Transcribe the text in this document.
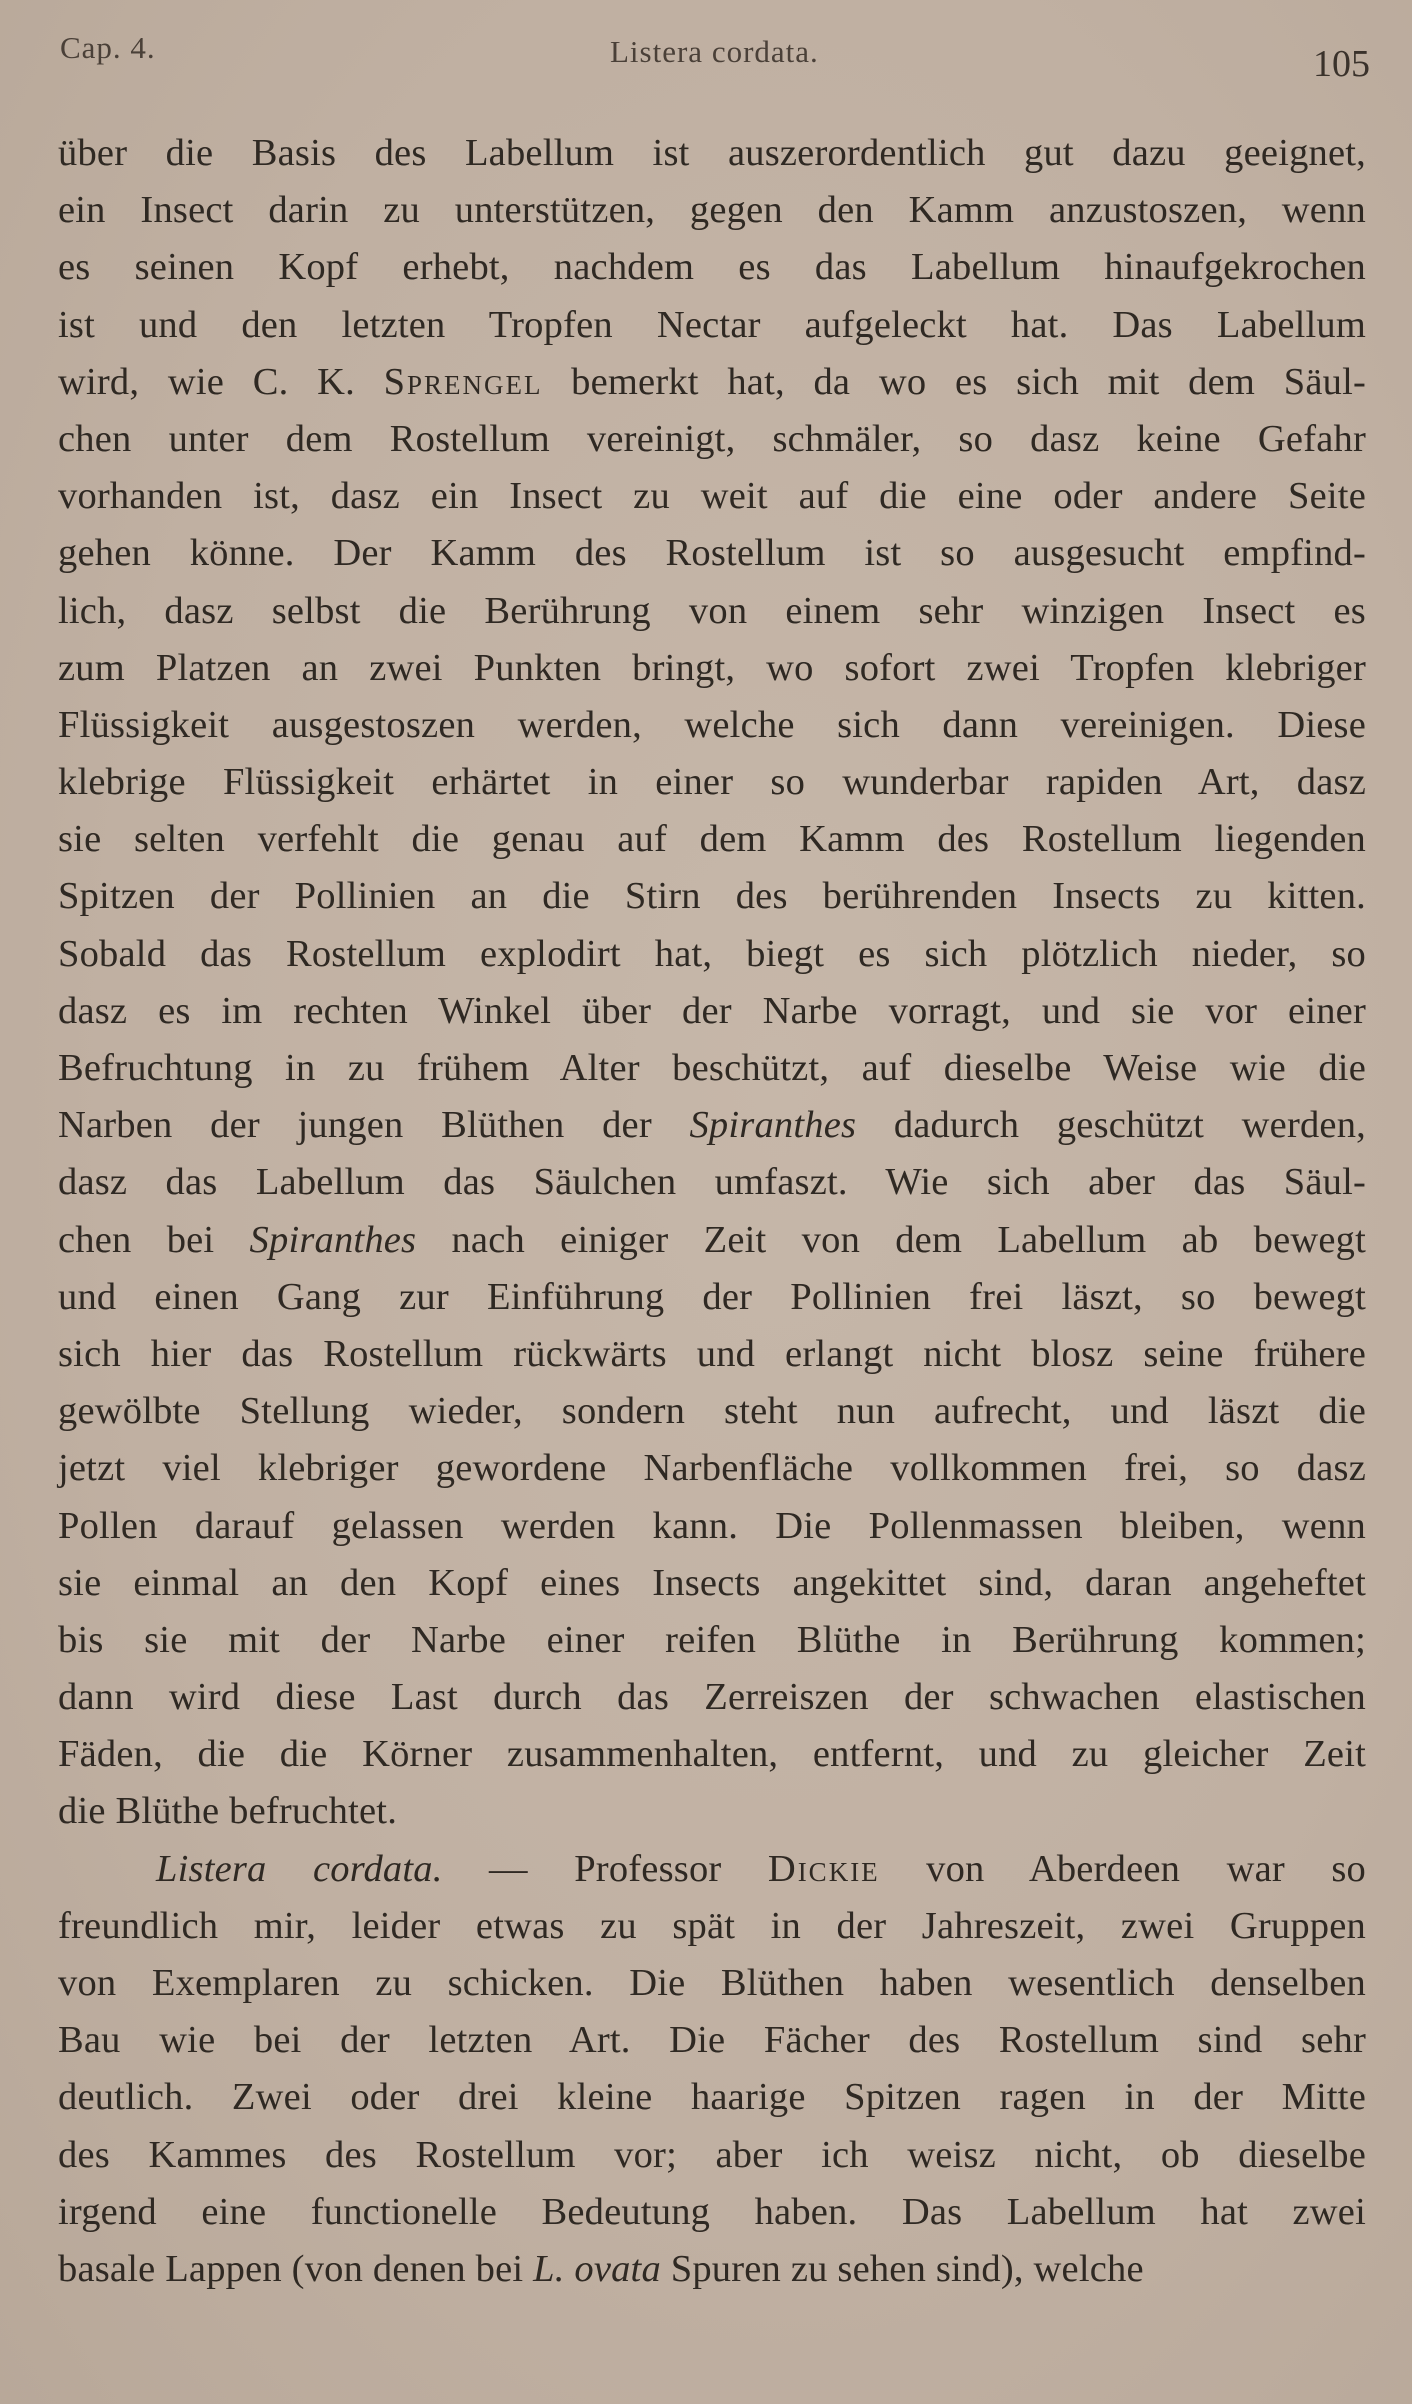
Cap. 4.	Listera cordata.	105
über die Basis des Labellum ist auszerordentlich gut dazu geeignet,
ein Insect darin zu unterstützen, gegen den Kamm anzustoszen, wenn
es seinen Kopf erhebt, nachdem es das Labellum hinaufgekrochen
ist und den letzten Tropfen Nectar aufgeleckt hat. Das Labellum
wird, wie C. K. Sprengel bemerkt hat, da wo es sich mit dem Säul-
chen unter dem Rostellum vereinigt, schmäler, so dasz keine Gefahr
vorhanden ist, dasz ein Insect zu weit auf die eine oder andere Seite
gehen könne. Der Kamm des Rostellum ist so ausgesucht empfind-
lich, dasz selbst die Berührung von einem sehr winzigen Insect es
zum Platzen an zwei Punkten bringt, wo sofort zwei Tropfen klebriger
Flüssigkeit ausgestoszen werden, welche sich dann vereinigen. Diese
klebrige Flüssigkeit erhärtet in einer so wunderbar rapiden Art, dasz
sie selten verfehlt die genau auf dem Kamm des Rostellum liegenden
Spitzen der Pollinien an die Stirn des berührenden Insects zu kitten.
Sobald das Rostellum explodirt hat, biegt es sich plötzlich nieder, so
dasz es im rechten Winkel über der Narbe vorragt, und sie vor einer
Befruchtung in zu frühem Alter beschützt, auf dieselbe Weise wie die
Narben der jungen Blüthen der Spiranthes dadurch geschützt werden,
dasz das Labellum das Säulchen umfaszt. Wie sich aber das Säul-
chen bei Spiranthes nach einiger Zeit von dem Labellum ab bewegt
und einen Gang zur Einführung der Pollinien frei läszt, so bewegt
sich hier das Rostellum rückwärts und erlangt nicht blosz seine frühere
gewölbte Stellung wieder, sondern steht nun aufrecht, und läszt die
jetzt viel klebriger gewordene Narbenfläche vollkommen frei, so dasz
Pollen darauf gelassen werden kann. Die Pollenmassen bleiben, wenn
sie einmal an den Kopf eines Insects angekittet sind, daran angeheftet
bis sie mit der Narbe einer reifen Blüthe in Berührung kommen;
dann wird diese Last durch das Zerreiszen der schwachen elastischen
Fäden, die die Körner zusammenhalten, entfernt, und zu gleicher Zeit
die Blüthe befruchtet.
Listera cordata. — Professor Dickie von Aberdeen war so
freundlich mir, leider etwas zu spät in der Jahreszeit, zwei Gruppen
von Exemplaren zu schicken. Die Blüthen haben wesentlich denselben
Bau wie bei der letzten Art. Die Fächer des Rostellum sind sehr
deutlich. Zwei oder drei kleine haarige Spitzen ragen in der Mitte
des Kammes des Rostellum vor; aber ich weisz nicht, ob dieselbe
irgend eine functionelle Bedeutung haben. Das Labellum hat zwei
basale Lappen (von denen bei L. ovata Spuren zu sehen sind), welche
